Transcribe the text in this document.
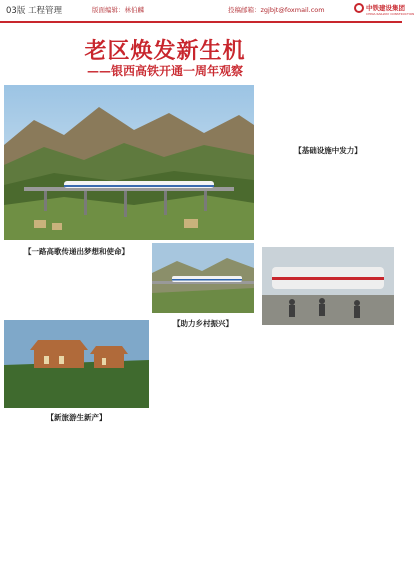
03版 工程管理	版面编辑：林伯麟	投稿邮箱：zgjbjt@foxmail.com	中铁建设集团
CHINA RAILWAY CONSTRUCTION
老区焕发新生机
——银西高铁开通一周年观察
【基础设施中发力】
【一路高歌传递出梦想和使命】
【助力乡村振兴】
【新旅游生新产】
